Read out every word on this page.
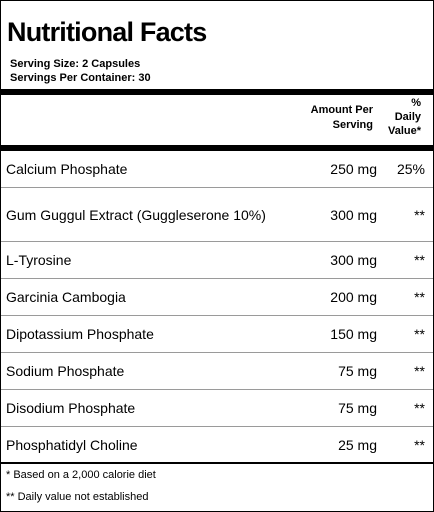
Nutritional Facts
Serving Size: 2 Capsules
Servings Per Container: 30
Amount Per
Serving
%
Daily
Value*
Calcium Phosphate	250 mg	25%
Gum Guggul Extract (Guggleserone 10%)	300 mg	**
L-Tyrosine	300 mg	**
Garcinia Cambogia	200 mg	**
Dipotassium Phosphate	150 mg	**
Sodium Phosphate	75 mg	**
Disodium Phosphate	75 mg	**
Phosphatidyl Choline	25 mg	**
* Based on a 2,000 calorie diet
** Daily value not established
